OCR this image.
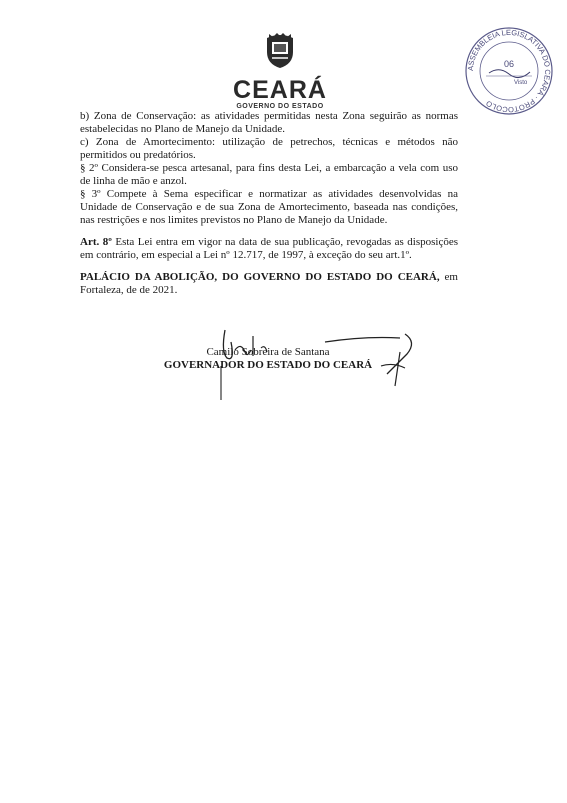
CEARÁ
GOVERNO DO ESTADO
ASSEMBLEIA LEGISLATIVA DO CEARÁ · PROTOCOLO
06
Visto

b) Zona de Conservação: as atividades permitidas nesta Zona seguirão as normas estabelecidas no Plano de Manejo da Unidade.

c) Zona de Amortecimento: utilização de petrechos, técnicas e métodos não permitidos ou predatórios.

§ 2º Considera-se pesca artesanal, para fins desta Lei, a embarcação a vela com uso de linha de mão e anzol.

§ 3º Compete à Sema especificar e normatizar as atividades desenvolvidas na Unidade de Conservação e de sua Zona de Amortecimento, baseada nas condições, nas restrições e nos limites previstos no Plano de Manejo da Unidade.

Art. 8º Esta Lei entra em vigor na data de sua publicação, revogadas as disposições em contrário, em especial a Lei nº 12.717, de 1997, à exceção do seu art.1º.

PALÁCIO DA ABOLIÇÃO, DO GOVERNO DO ESTADO DO CEARÁ, em Fortaleza, de de 2021.

Camilo Sobreira de Santana
GOVERNADOR DO ESTADO DO CEARÁ
